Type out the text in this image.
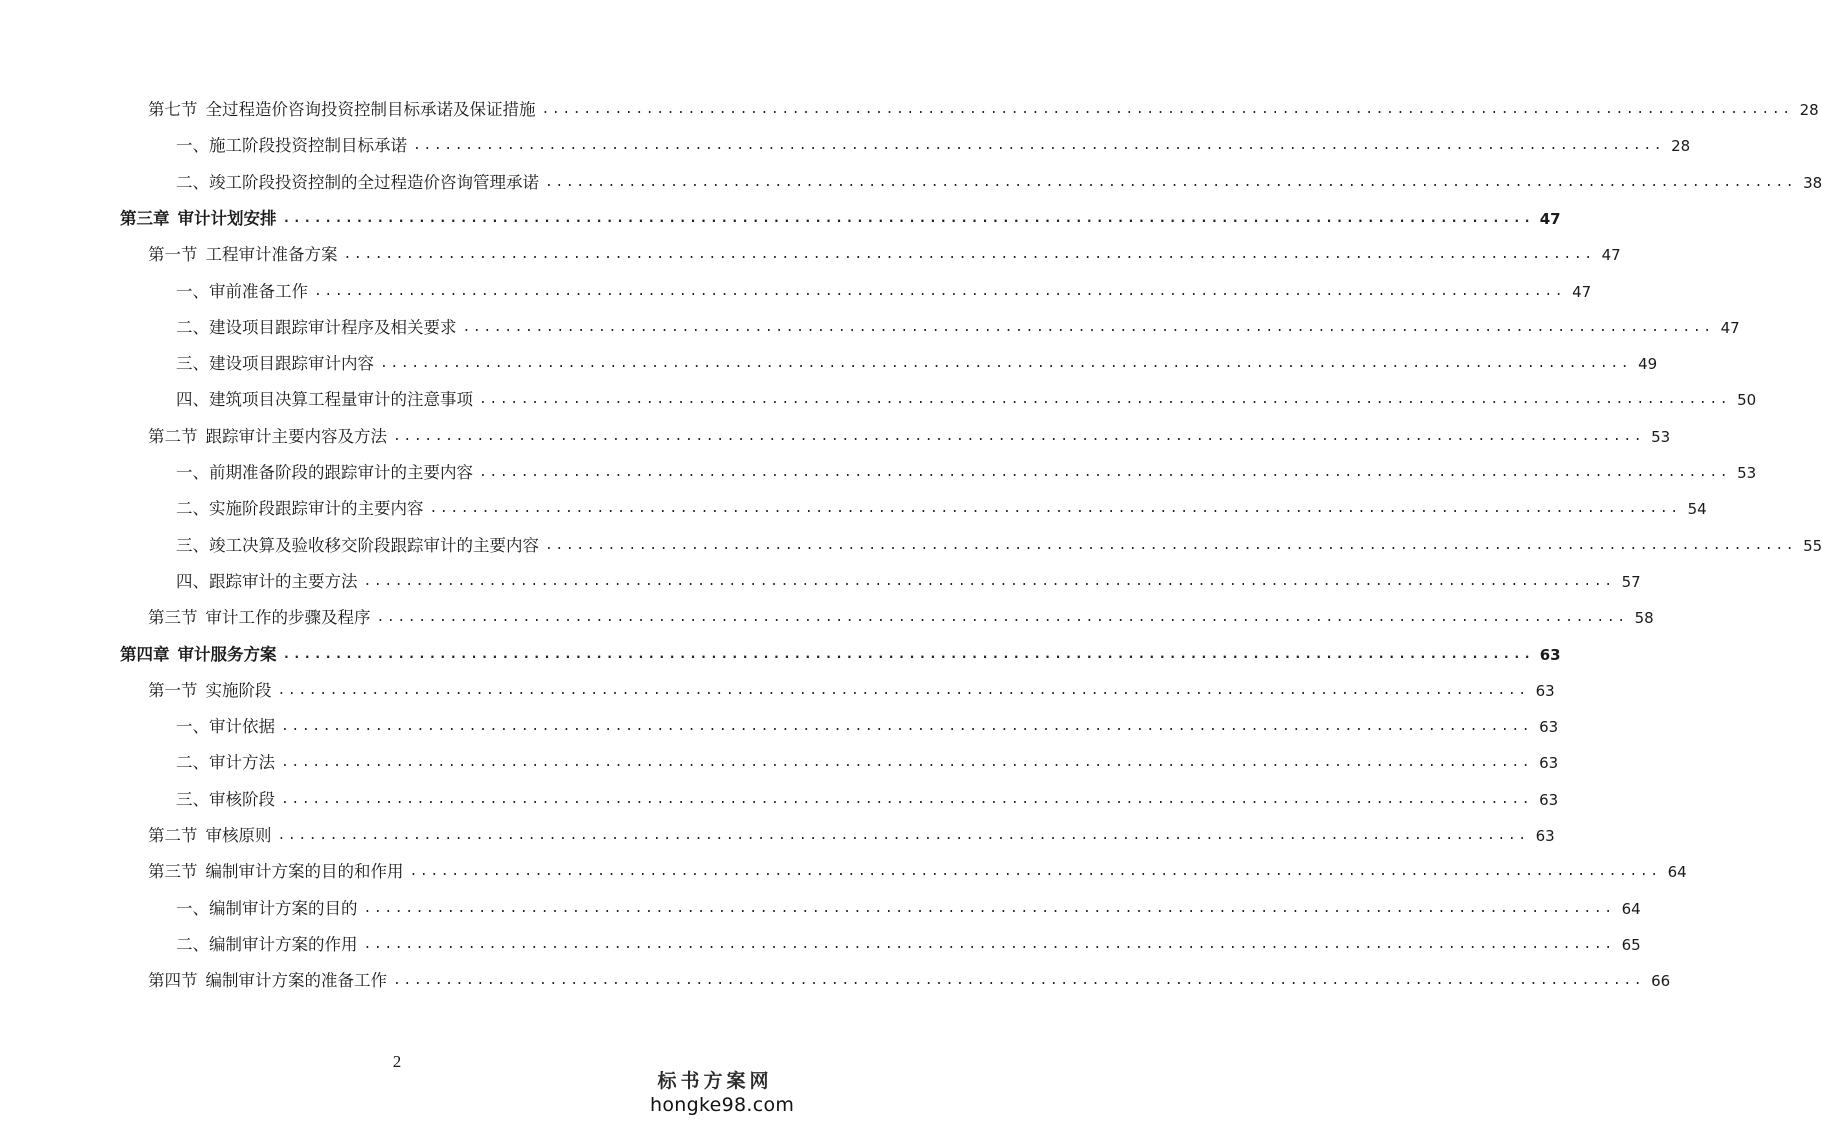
第七节 全过程造价咨询投资控制目标承诺及保证措施 ........................................................................................................................ 28
一、施工阶段投资控制目标承诺 ........................................................................................................................ 28
二、竣工阶段投资控制的全过程造价咨询管理承诺 ........................................................................................................................ 38
第三章 审计计划安排 ........................................................................................................................ 47
第一节 工程审计准备方案 ........................................................................................................................ 47
一、审前准备工作 ........................................................................................................................ 47
二、建设项目跟踪审计程序及相关要求 ........................................................................................................................ 47
三、建设项目跟踪审计内容 ........................................................................................................................ 49
四、建筑项目决算工程量审计的注意事项 ........................................................................................................................ 50
第二节 跟踪审计主要内容及方法 ........................................................................................................................ 53
一、前期准备阶段的跟踪审计的主要内容 ........................................................................................................................ 53
二、实施阶段跟踪审计的主要内容 ........................................................................................................................ 54
三、竣工决算及验收移交阶段跟踪审计的主要内容 ........................................................................................................................ 55
四、跟踪审计的主要方法 ........................................................................................................................ 57
第三节 审计工作的步骤及程序 ........................................................................................................................ 58
第四章 审计服务方案 ........................................................................................................................ 63
第一节 实施阶段 ........................................................................................................................ 63
一、审计依据 ........................................................................................................................ 63
二、审计方法 ........................................................................................................................ 63
三、审核阶段 ........................................................................................................................ 63
第二节 审核原则 ........................................................................................................................ 63
第三节 编制审计方案的目的和作用 ........................................................................................................................ 64
一、编制审计方案的目的 ........................................................................................................................ 64
二、编制审计方案的作用 ........................................................................................................................ 65
第四节 编制审计方案的准备工作 ........................................................................................................................ 66
2
标书方案网
hongke98.com
